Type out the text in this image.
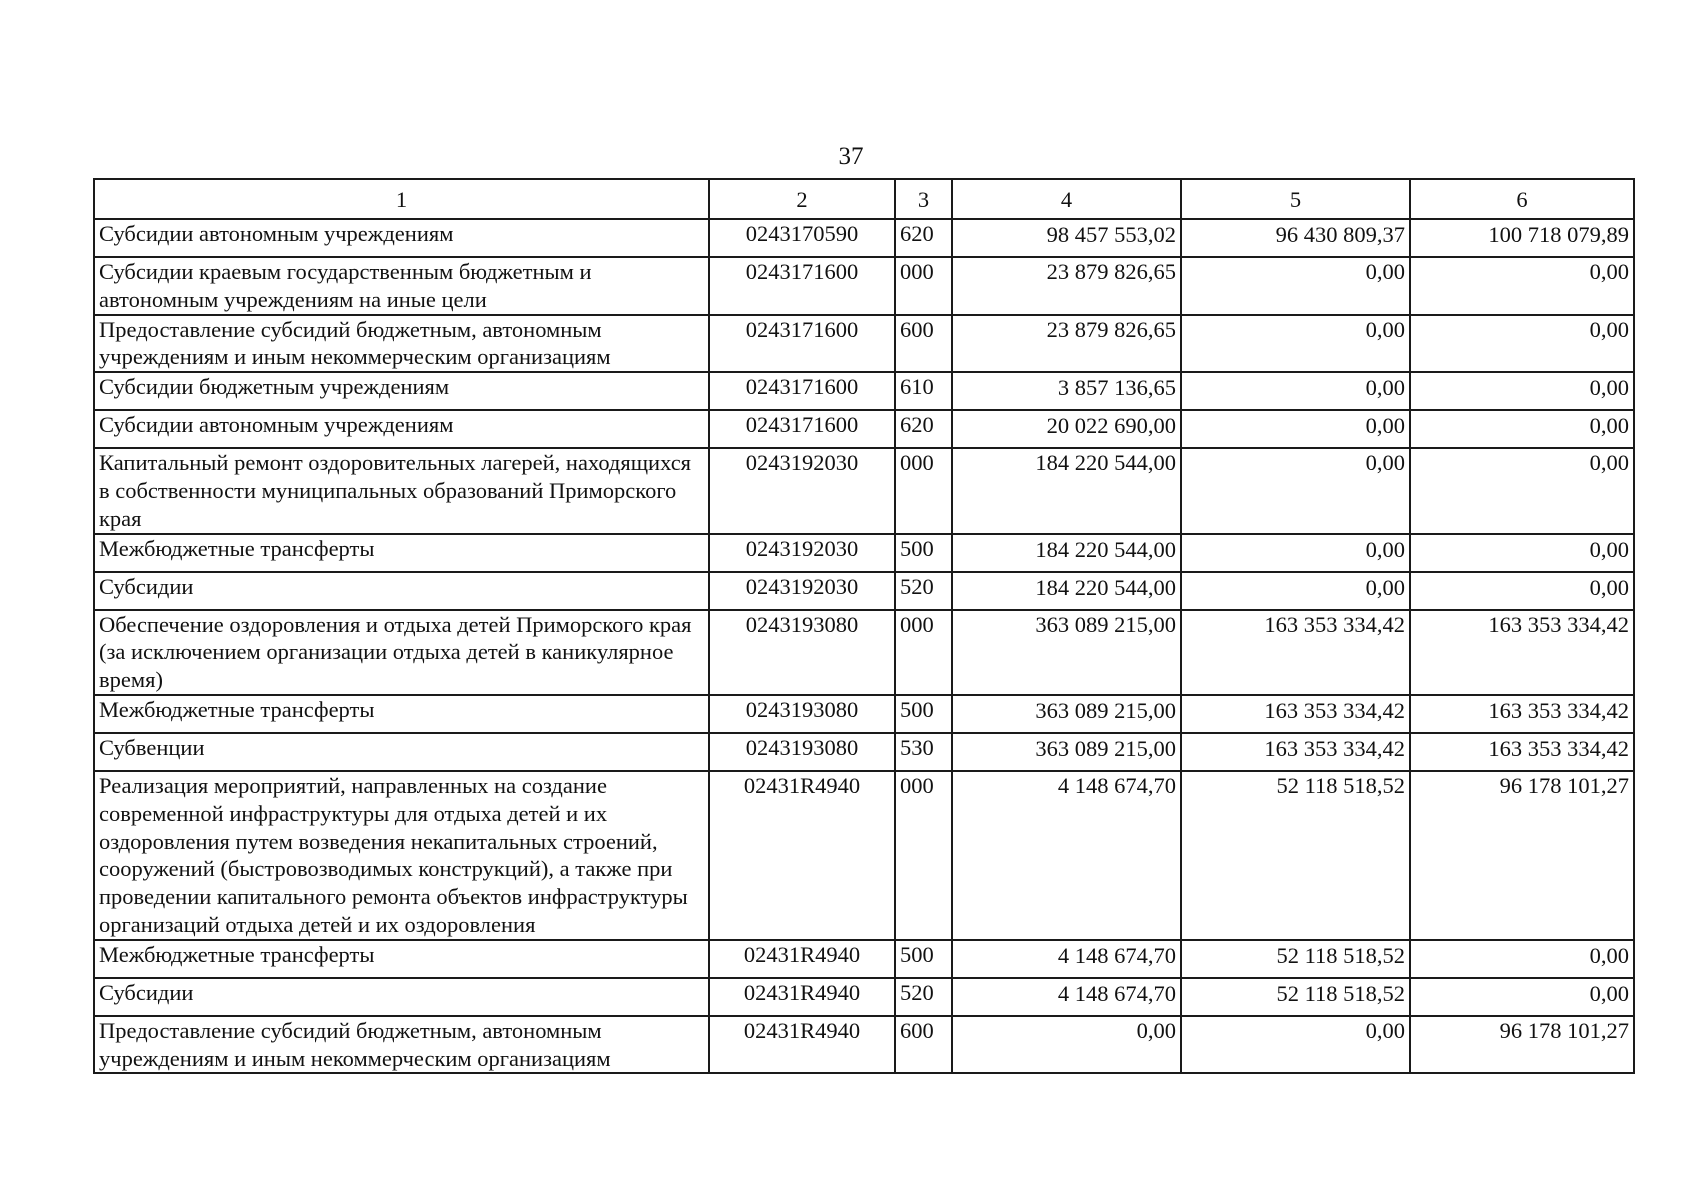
37
1	2	3	4	5	6
Субсидии автономным учреждениям	0243170590	620	98 457 553,02	96 430 809,37	100 718 079,89
Субсидии краевым государственным бюджетным и автономным учреждениям на иные цели	0243171600	000	23 879 826,65	0,00	0,00
Предоставление субсидий бюджетным, автономным учреждениям и иным некоммерческим организациям	0243171600	600	23 879 826,65	0,00	0,00
Субсидии бюджетным учреждениям	0243171600	610	3 857 136,65	0,00	0,00
Субсидии автономным учреждениям	0243171600	620	20 022 690,00	0,00	0,00
Капитальный ремонт оздоровительных лагерей, находящихся в собственности муниципальных образований Приморского края	0243192030	000	184 220 544,00	0,00	0,00
Межбюджетные трансферты	0243192030	500	184 220 544,00	0,00	0,00
Субсидии	0243192030	520	184 220 544,00	0,00	0,00
Обеспечение оздоровления и отдыха детей Приморского края (за исключением организации отдыха детей в каникулярное время)	0243193080	000	363 089 215,00	163 353 334,42	163 353 334,42
Межбюджетные трансферты	0243193080	500	363 089 215,00	163 353 334,42	163 353 334,42
Субвенции	0243193080	530	363 089 215,00	163 353 334,42	163 353 334,42
Реализация мероприятий, направленных на создание современной инфраструктуры для отдыха детей и их оздоровления путем возведения некапитальных строений, сооружений (быстровозводимых конструкций), а также при проведении капитального ремонта объектов инфраструктуры организаций отдыха детей и их оздоровления	02431R4940	000	4 148 674,70	52 118 518,52	96 178 101,27
Межбюджетные трансферты	02431R4940	500	4 148 674,70	52 118 518,52	0,00
Субсидии	02431R4940	520	4 148 674,70	52 118 518,52	0,00
Предоставление субсидий бюджетным, автономным учреждениям и иным некоммерческим организациям	02431R4940	600	0,00	0,00	96 178 101,27
